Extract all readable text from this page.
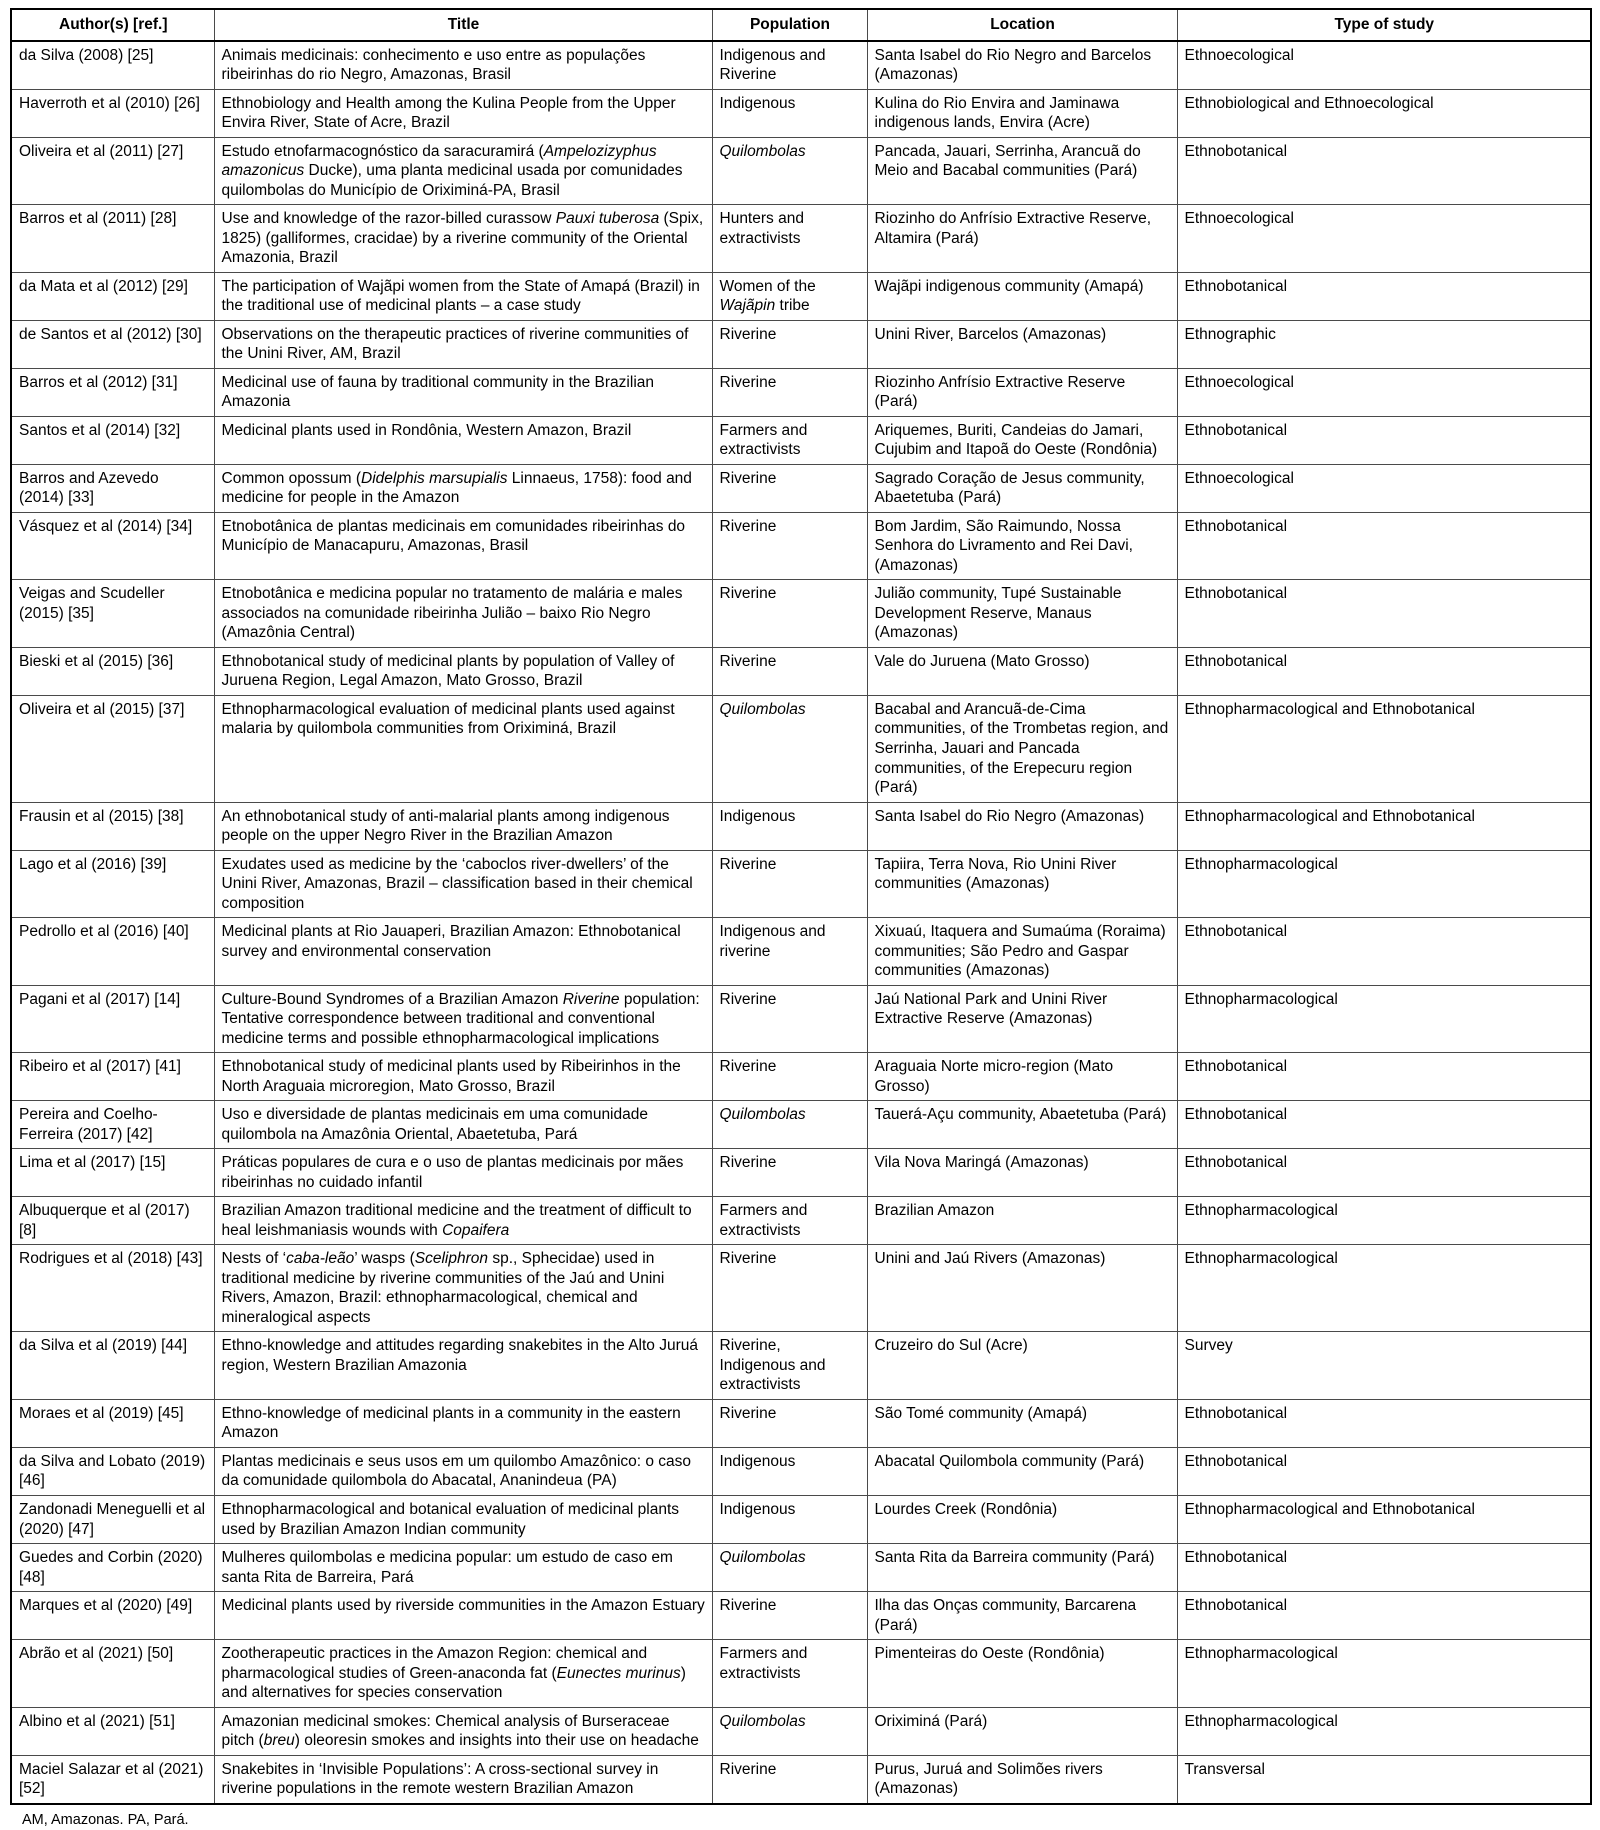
Author(s) [ref.]	Title	Population	Location	Type of study
da Silva (2008) [25]	Animais medicinais: conhecimento e uso entre as populações ribeirinhas do rio Negro, Amazonas, Brasil	Indigenous and Riverine	Santa Isabel do Rio Negro and Barcelos (Amazonas)	Ethnoecological
Haverroth et al (2010) [26]	Ethnobiology and Health among the Kulina People from the Upper Envira River, State of Acre, Brazil	Indigenous	Kulina do Rio Envira and Jaminawa indigenous lands, Envira (Acre)	Ethnobiological and Ethnoecological
Oliveira et al (2011) [27]	Estudo etnofarmacognóstico da saracuramirá (Ampelozizyphus amazonicus Ducke), uma planta medicinal usada por comunidades quilombolas do Município de Oriximiná-PA, Brasil	Quilombolas	Pancada, Jauari, Serrinha, Arancuã do Meio and Bacabal communities (Pará)	Ethnobotanical
Barros et al (2011) [28]	Use and knowledge of the razor-billed curassow Pauxi tuberosa (Spix, 1825) (galliformes, cracidae) by a riverine community of the Oriental Amazonia, Brazil	Hunters and extractivists	Riozinho do Anfrísio Extractive Reserve, Altamira (Pará)	Ethnoecological
da Mata et al (2012) [29]	The participation of Wajãpi women from the State of Amapá (Brazil) in the traditional use of medicinal plants – a case study	Women of the Wajãpin tribe	Wajãpi indigenous community (Amapá)	Ethnobotanical
de Santos et al (2012) [30]	Observations on the therapeutic practices of riverine communities of the Unini River, AM, Brazil	Riverine	Unini River, Barcelos (Amazonas)	Ethnographic
Barros et al (2012) [31]	Medicinal use of fauna by traditional community in the Brazilian Amazonia	Riverine	Riozinho Anfrísio Extractive Reserve (Pará)	Ethnoecological
Santos et al (2014) [32]	Medicinal plants used in Rondônia, Western Amazon, Brazil	Farmers and extractivists	Ariquemes, Buriti, Candeias do Jamari, Cujubim and Itapoã do Oeste (Rondônia)	Ethnobotanical
Barros and Azevedo (2014) [33]	Common opossum (Didelphis marsupialis Linnaeus, 1758): food and medicine for people in the Amazon	Riverine	Sagrado Coração de Jesus community, Abaetetuba (Pará)	Ethnoecological
Vásquez et al (2014) [34]	Etnobotânica de plantas medicinais em comunidades ribeirinhas do Município de Manacapuru, Amazonas, Brasil	Riverine	Bom Jardim, São Raimundo, Nossa Senhora do Livramento and Rei Davi, (Amazonas)	Ethnobotanical
Veigas and Scudeller (2015) [35]	Etnobotânica e medicina popular no tratamento de malária e males associados na comunidade ribeirinha Julião – baixo Rio Negro (Amazônia Central)	Riverine	Julião community, Tupé Sustainable Development Reserve, Manaus (Amazonas)	Ethnobotanical
Bieski et al (2015) [36]	Ethnobotanical study of medicinal plants by population of Valley of Juruena Region, Legal Amazon, Mato Grosso, Brazil	Riverine	Vale do Juruena (Mato Grosso)	Ethnobotanical
Oliveira et al (2015) [37]	Ethnopharmacological evaluation of medicinal plants used against malaria by quilombola communities from Oriximiná, Brazil	Quilombolas	Bacabal and Arancuã-de-Cima communities, of the Trombetas region, and Serrinha, Jauari and Pancada communities, of the Erepecuru region (Pará)	Ethnopharmacological and Ethnobotanical
Frausin et al (2015) [38]	An ethnobotanical study of anti-malarial plants among indigenous people on the upper Negro River in the Brazilian Amazon	Indigenous	Santa Isabel do Rio Negro (Amazonas)	Ethnopharmacological and Ethnobotanical
Lago et al (2016) [39]	Exudates used as medicine by the ‘caboclos river-dwellers’ of the Unini River, Amazonas, Brazil – classification based in their chemical composition	Riverine	Tapiira, Terra Nova, Rio Unini River communities (Amazonas)	Ethnopharmacological
Pedrollo et al (2016) [40]	Medicinal plants at Rio Jauaperi, Brazilian Amazon: Ethnobotanical survey and environmental conservation	Indigenous and riverine	Xixuaú, Itaquera and Sumaúma (Roraima) communities; São Pedro and Gaspar communities (Amazonas)	Ethnobotanical
Pagani et al (2017) [14]	Culture-Bound Syndromes of a Brazilian Amazon Riverine population: Tentative correspondence between traditional and conventional medicine terms and possible ethnopharmacological implications	Riverine	Jaú National Park and Unini River Extractive Reserve (Amazonas)	Ethnopharmacological
Ribeiro et al (2017) [41]	Ethnobotanical study of medicinal plants used by Ribeirinhos in the North Araguaia microregion, Mato Grosso, Brazil	Riverine	Araguaia Norte micro-region (Mato Grosso)	Ethnobotanical
Pereira and Coelho-Ferreira (2017) [42]	Uso e diversidade de plantas medicinais em uma comunidade quilombola na Amazônia Oriental, Abaetetuba, Pará	Quilombolas	Tauerá-Açu community, Abaetetuba (Pará)	Ethnobotanical
Lima et al (2017) [15]	Práticas populares de cura e o uso de plantas medicinais por mães ribeirinhas no cuidado infantil	Riverine	Vila Nova Maringá (Amazonas)	Ethnobotanical
Albuquerque et al (2017) [8]	Brazilian Amazon traditional medicine and the treatment of difficult to heal leishmaniasis wounds with Copaifera	Farmers and extractivists	Brazilian Amazon	Ethnopharmacological
Rodrigues et al (2018) [43]	Nests of ‘caba-leão’ wasps (Sceliphron sp., Sphecidae) used in traditional medicine by riverine communities of the Jaú and Unini Rivers, Amazon, Brazil: ethnopharmacological, chemical and mineralogical aspects	Riverine	Unini and Jaú Rivers (Amazonas)	Ethnopharmacological
da Silva et al (2019) [44]	Ethno-knowledge and attitudes regarding snakebites in the Alto Juruá region, Western Brazilian Amazonia	Riverine, Indigenous and extractivists	Cruzeiro do Sul (Acre)	Survey
Moraes et al (2019) [45]	Ethno-knowledge of medicinal plants in a community in the eastern Amazon	Riverine	São Tomé community (Amapá)	Ethnobotanical
da Silva and Lobato (2019) [46]	Plantas medicinais e seus usos em um quilombo Amazônico: o caso da comunidade quilombola do Abacatal, Ananindeua (PA)	Indigenous	Abacatal Quilombola community (Pará)	Ethnobotanical
Zandonadi Meneguelli et al (2020) [47]	Ethnopharmacological and botanical evaluation of medicinal plants used by Brazilian Amazon Indian community	Indigenous	Lourdes Creek (Rondônia)	Ethnopharmacological and Ethnobotanical
Guedes and Corbin (2020) [48]	Mulheres quilombolas e medicina popular: um estudo de caso em santa Rita de Barreira, Pará	Quilombolas	Santa Rita da Barreira community (Pará)	Ethnobotanical
Marques et al (2020) [49]	Medicinal plants used by riverside communities in the Amazon Estuary	Riverine	Ilha das Onças community, Barcarena (Pará)	Ethnobotanical
Abrão et al (2021) [50]	Zootherapeutic practices in the Amazon Region: chemical and pharmacological studies of Green-anaconda fat (Eunectes murinus) and alternatives for species conservation	Farmers and extractivists	Pimenteiras do Oeste (Rondônia)	Ethnopharmacological
Albino et al (2021) [51]	Amazonian medicinal smokes: Chemical analysis of Burseraceae pitch (breu) oleoresin smokes and insights into their use on headache	Quilombolas	Oriximiná (Pará)	Ethnopharmacological
Maciel Salazar et al (2021) [52]	Snakebites in ‘Invisible Populations’: A cross-sectional survey in riverine populations in the remote western Brazilian Amazon	Riverine	Purus, Juruá and Solimões rivers (Amazonas)	Transversal
AM, Amazonas. PA, Pará.
